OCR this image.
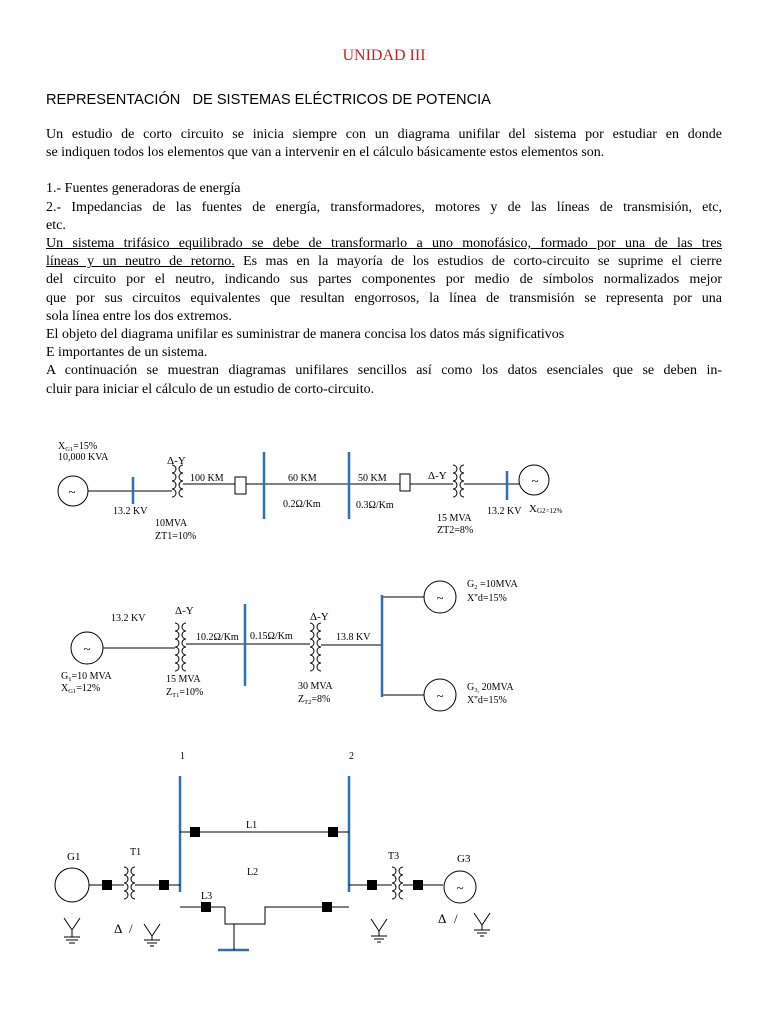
UNIDAD III
REPRESENTACIÓN   DE SISTEMAS ELÉCTRICOS DE POTENCIA

Un estudio de corto circuito se inicia siempre con un diagrama unifilar del sistema por estudiar en donde

se indiquen todos los elementos que van a intervenir en el cálculo básicamente estos elementos son.

1.- Fuentes generadoras de energía

2.- Impedancias de las fuentes de energía, transformadores, motores y de las líneas de transmisión, etc,

etc.

Un sistema trifásico equilibrado se debe de transformarlo a uno monofásico, formado por una de las tres

líneas y un neutro de retorno. Es mas en la mayoría de los estudios de corto-circuito se suprime el cierre

del circuito por el neutro, indicando sus partes componentes por medio de símbolos normalizados mejor

que por sus circuitos equivalentes que resultan engorrosos, la línea de transmisión se representa por una

sola línea entre los dos extremos.

El objeto del diagrama unifilar es suministrar de manera concisa los datos más significativos

E importantes de un sistema.

A continuación se muestran diagramas unifilares sencillos así como los datos esenciales que se deben in-

cluir para iniciar el cálculo de un estudio de corto-circuito.

~
~
$X_{G1}=15\%$
10,000 KVA	Δ-Y
13.2 KV
10MVA
ZT1=10%
100 KM	60 KM
0.2Ω/Km
50 KM
0.3Ω/Km
Δ-Y
15 MVA
ZT2=8%
13.2 KV XG2=12%
~
~
~
13.2 KV
Δ-Y
$G_1=10$ MVA
$X_{G1}=12\%$
15 MVA
$Z_{T1}=10\%$
10.2Ω/Km 0.15Ω/Km
Δ-Y
13.8 KV
30 MVA
$Z_{T2}=8\%$
$G_2 =10MVA$
X''d=15%
$G_{3,}$ 20MVA
X''d=15%
~
1	2
L1
L2
L3
G1	T1	T3	G3
Δ /
Δ /
